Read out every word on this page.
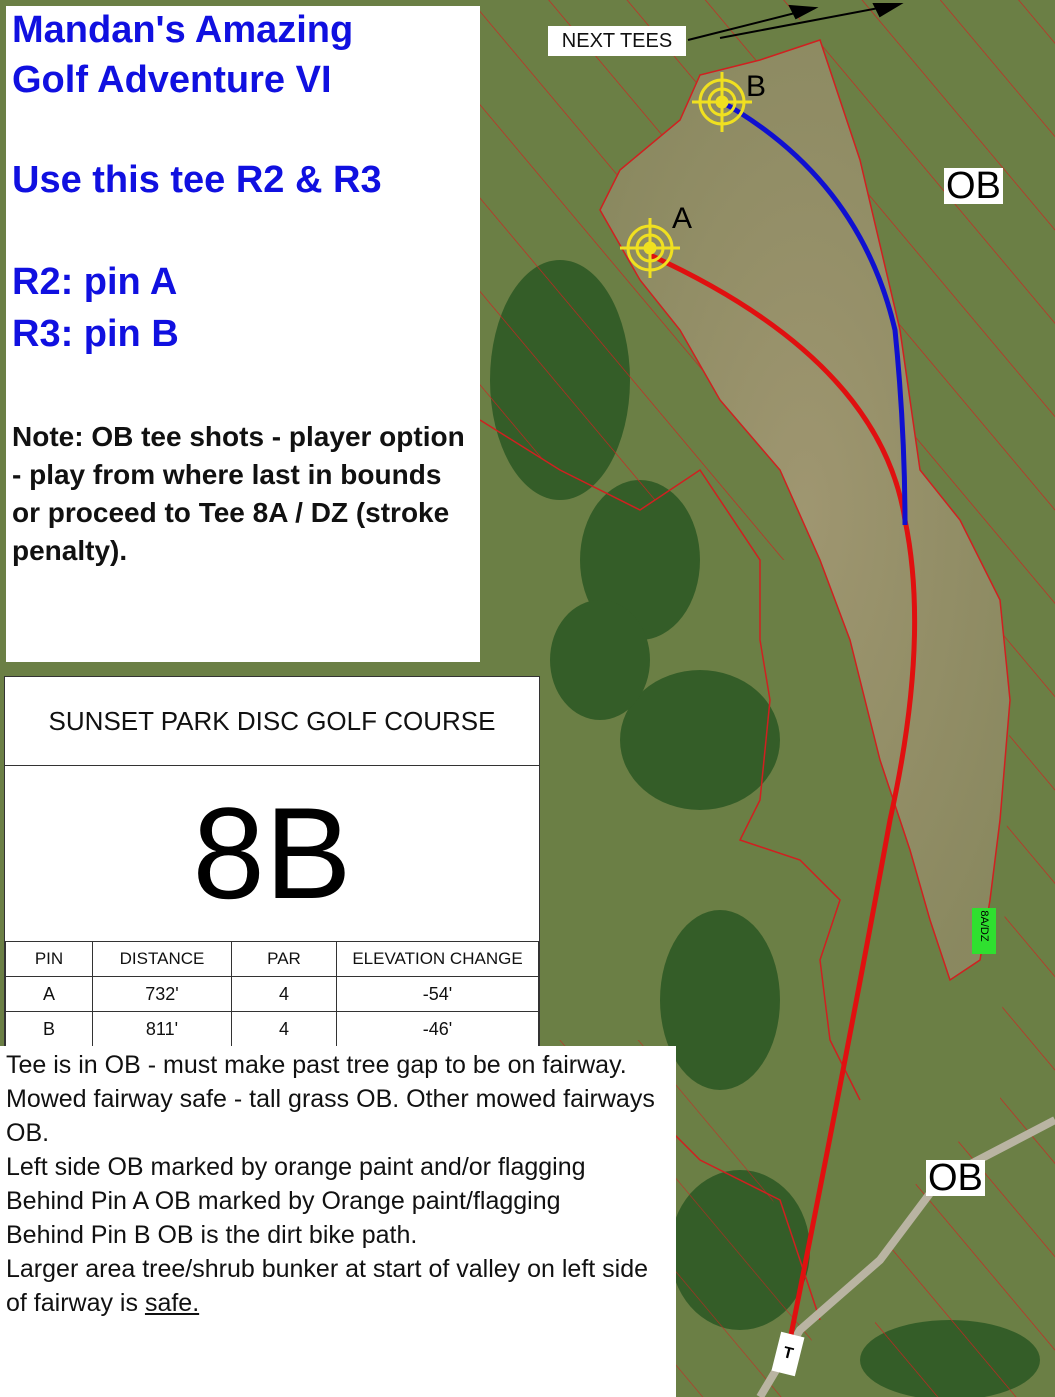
NEXT TEES
OB
OB
A
B
8A/DZ
T

Mandan's Amazing

Golf Adventure VI

Use this tee R2 & R3

R2: pin A

R3: pin B

Note: OB tee shots - player option - play from where last in bounds or proceed to Tee 8A / DZ (stroke penalty).
SUNSET PARK DISC GOLF COURSE
8B
PIN	DISTANCE	PAR	ELEVATION CHANGE
A	732'	4	-54'
B	811'	4	-46'
Tee is in OB - must make past tree gap to be on fairway.
Mowed fairway safe - tall grass OB. Other mowed fairways OB.
Left side OB marked by orange paint and/or flagging
Behind Pin A OB marked by Orange paint/flagging
Behind Pin B OB is the dirt bike path.
Larger area tree/shrub bunker at start of valley on left side of fairway is safe.
